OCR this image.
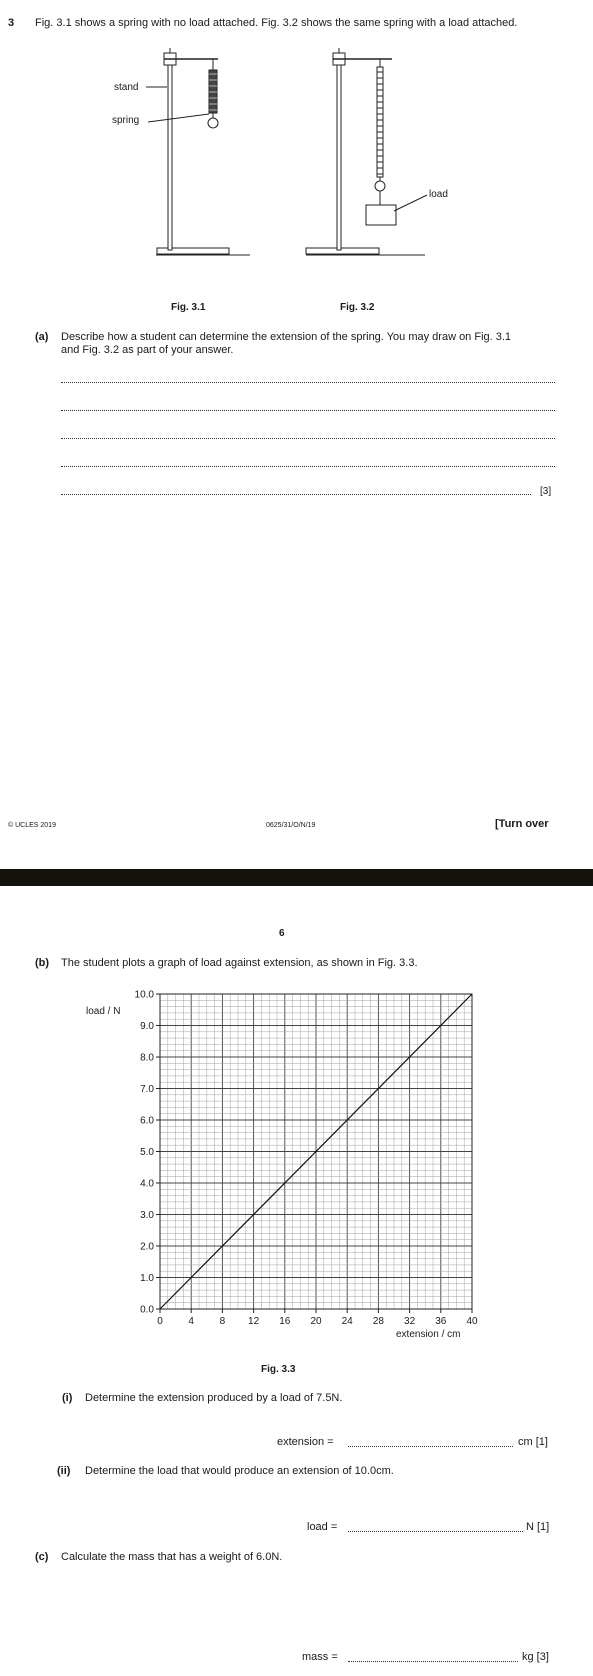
3 Fig. 3.1 shows a spring with no load attached. Fig. 3.2 shows the same spring with a load attached.
stand
spring
load
Fig. 3.1	Fig. 3.2
(a) Describe how a student can determine the extension of the spring. You may draw on Fig. 3.1
and Fig. 3.2 as part of your answer.
[3]
© UCLES 2019	0625/31/O/N/19	[Turn over
6
(b) The student plots a graph of load against extension, as shown in Fig. 3.3.
0.0
1.0
2.0
3.0
4.0
5.0
6.0
7.0
8.0
9.0
10.0
0	4	8 12 16 20 24 28 32 36 40
load / N
extension / cm
Fig. 3.3
(i) Determine the extension produced by a load of 7.5N.
extension =	cm [1]
(ii) Determine the load that would produce an extension of 10.0cm.
load =	N [1]
(c) Calculate the mass that has a weight of 6.0N.
mass =	kg [3]
